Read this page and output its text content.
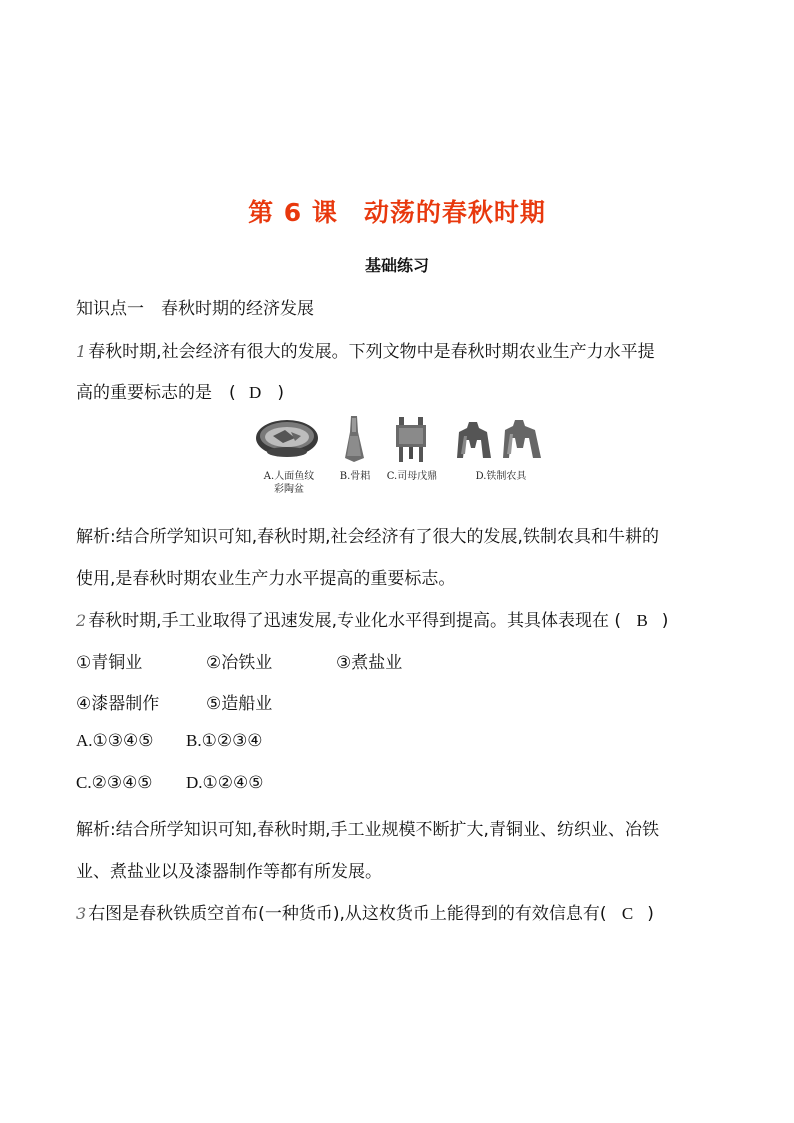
第 6 课 动荡的春秋时期
基础练习
知识点一　春秋时期的经济发展
1 春秋时期,社会经济有很大的发展。下列文物中是春秋时期农业生产力水平提
高的重要标志的是　( D )
A.人面鱼纹
彩陶盆
B.骨耜	C.司母戊鼎	D.铁制农具
解析:结合所学知识可知,春秋时期,社会经济有了很大的发展,铁制农具和牛耕的
使用,是春秋时期农业生产力水平提高的重要标志。
2 春秋时期,手工业取得了迅速发展,专业化水平得到提高。其具体表现在 ( B )
①青铜业	②冶铁业	③煮盐业
④漆器制作	⑤造船业
A.①③④⑤ B.①②③④
C.②③④⑤ D.①②④⑤
解析:结合所学知识可知,春秋时期,手工业规模不断扩大,青铜业、纺织业、冶铁
业、煮盐业以及漆器制作等都有所发展。
3 右图是春秋铁质空首布(一种货币),从这枚货币上能得到的有效信息有( C )
